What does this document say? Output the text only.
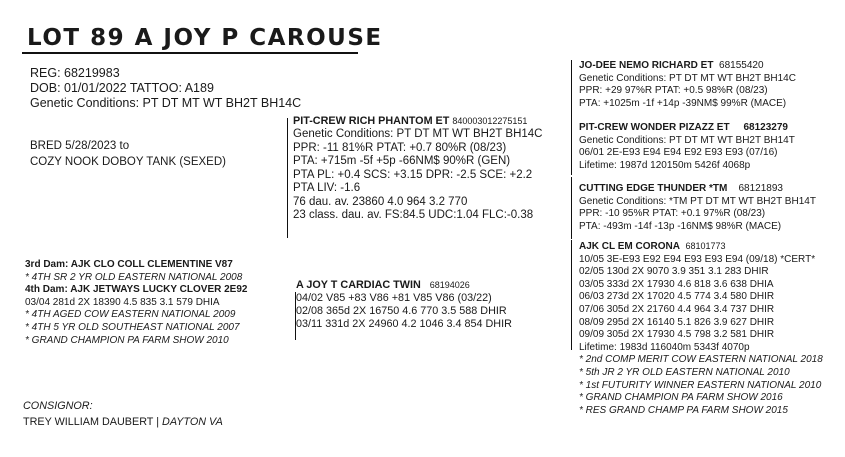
LOT 89 A JOY P CAROUSE
REG: 68219983
DOB: 01/01/2022 TATTOO: A189
Genetic Conditions: PT DT MT WT BH2T BH14C
BRED 5/28/2023 to
COZY NOOK DOBOY TANK (SEXED)
PIT-CREW RICH PHANTOM ET 840003012275151
Genetic Conditions: PT DT MT WT BH2T BH14C
PPR: -11 81%R PTAT: +0.7 80%R (08/23)
PTA: +715m -5f +5p -66NM$ 90%R (GEN)
PTA PL: +0.4 SCS: +3.15 DPR: -2.5 SCE: +2.2
PTA LIV: -1.6
76 dau. av. 23860 4.0 964 3.2 770
23 class. dau. av. FS:84.5 UDC:1.04 FLC:-0.38
A JOY T CARDIAC TWIN 68194026
04/02 V85 +83 V86 +81 V85 V86 (03/22)
02/08 365d 2X 16750 4.6 770 3.5 588 DHIR
03/11 331d 2X 24960 4.2 1046 3.4 854 DHIR
3rd Dam: AJK CLO COLL CLEMENTINE V87
* 4TH SR 2 YR OLD EASTERN NATIONAL 2008
4th Dam: AJK JETWAYS LUCKY CLOVER 2E92
03/04 281d 2X 18390 4.5 835 3.1 579 DHIA
* 4TH AGED COW EASTERN NATIONAL 2009
* 4TH 5 YR OLD SOUTHEAST NATIONAL 2007
* GRAND CHAMPION PA FARM SHOW 2010
CONSIGNOR:
TREY WILLIAM DAUBERT | DAYTON VA
JO-DEE NEMO RICHARD ET 68155420
Genetic Conditions: PT DT MT WT BH2T BH14C
PPR: +29 97%R PTAT: +0.5 98%R (08/23)
PTA: +1025m -1f +14p -39NM$ 99%R (MACE)
PIT-CREW WONDER PIZAZZ ET 68123279
Genetic Conditions: PT DT MT WT BH2T BH14T
06/01 2E-E93 E94 E94 E92 E93 E93 (07/16)
Lifetime: 1987d 120150m 5426f 4068p
CUTTING EDGE THUNDER *TM 68121893
Genetic Conditions: *TM PT DT MT WT BH2T BH14T
PPR: -10 95%R PTAT: +0.1 97%R (08/23)
PTA: -493m -14f -13p -16NM$ 98%R (MACE)
AJK CL EM CORONA 68101773
10/05 3E-E93 E92 E94 E93 E93 E94 (09/18) *CERT*
02/05 130d 2X 9070 3.9 351 3.1 283 DHIR
03/05 333d 2X 17930 4.6 818 3.6 638 DHIA
06/03 273d 2X 17020 4.5 774 3.4 580 DHIR
07/06 305d 2X 21760 4.4 964 3.4 737 DHIR
08/09 295d 2X 16140 5.1 826 3.9 627 DHIR
09/09 305d 2X 17930 4.5 798 3.2 581 DHIR
Lifetime: 1983d 116040m 5343f 4070p
* 2nd COMP MERIT COW EASTERN NATIONAL 2018
* 5th JR 2 YR OLD EASTERN NATIONAL 2010
* 1st FUTURITY WINNER EASTERN NATIONAL 2010
* GRAND CHAMPION PA FARM SHOW 2016
* RES GRAND CHAMP PA FARM SHOW 2015
